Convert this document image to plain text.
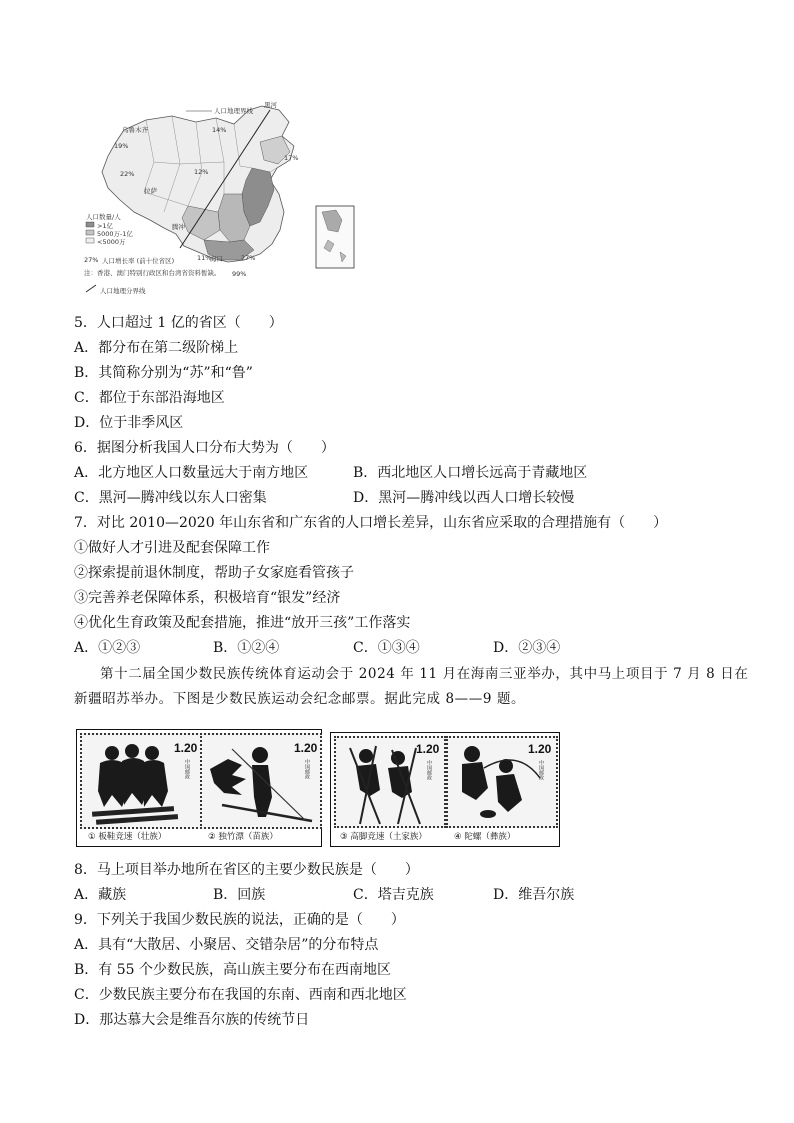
黑河
人口地理界线
乌鲁木齐	14%
19%
17%
22%	12%
拉萨
腾冲
海口
11%	27%
99%
人口数量/人
>1亿
5000万-1亿
<5000万
人口增长率 (前十位省区)
27%
注：香港、澳门特别行政区和台湾省资料暂缺。
人口地理分界线
5．人口超过 1 亿的省区（　　）
A．都分布在第二级阶梯上
B．其简称分别为“苏”和“鲁”
C．都位于东部沿海地区
D．位于非季风区
6．据图分析我国人口分布大势为（　　）
A．北方地区人口数量远大于南方地区	B．西北地区人口增长远高于青藏地区
C．黑河—腾冲线以东人口密集	D．黑河—腾冲线以西人口增长较慢
7．对比 2010—2020 年山东省和广东省的人口增长差异，山东省应采取的合理措施有（　　）
①做好人才引进及配套保障工作
②探索提前退休制度，帮助子女家庭看管孩子
③完善养老保障体系，积极培育“银发”经济
④优化生育政策及配套措施，推进“放开三孩”工作落实
A．①②③	B．①②④	C．①③④	D．②③④
第十二届全国少数民族传统体育运动会于 2024 年 11 月在海南三亚举办，其中马上项目于 7 月 8 日在
新疆昭苏举办。下图是少数民族运动会纪念邮票。据此完成 8——9 题。
1.20
中国邮政
1.20
中国邮政
1.20
中国邮政
1.20
中国邮政
① 板鞋竞速（壮族）	② 独竹漂（苗族）	③ 高脚竞速（土家族）	④ 陀螺（彝族）
8．马上项目举办地所在省区的主要少数民族是（　　）
A．藏族	B．回族	C．塔吉克族	D．维吾尔族
9．下列关于我国少数民族的说法，正确的是（　　）
A．具有“大散居、小聚居、交错杂居”的分布特点
B．有 55 个少数民族，高山族主要分布在西南地区
C．少数民族主要分布在我国的东南、西南和西北地区
D．那达慕大会是维吾尔族的传统节日
